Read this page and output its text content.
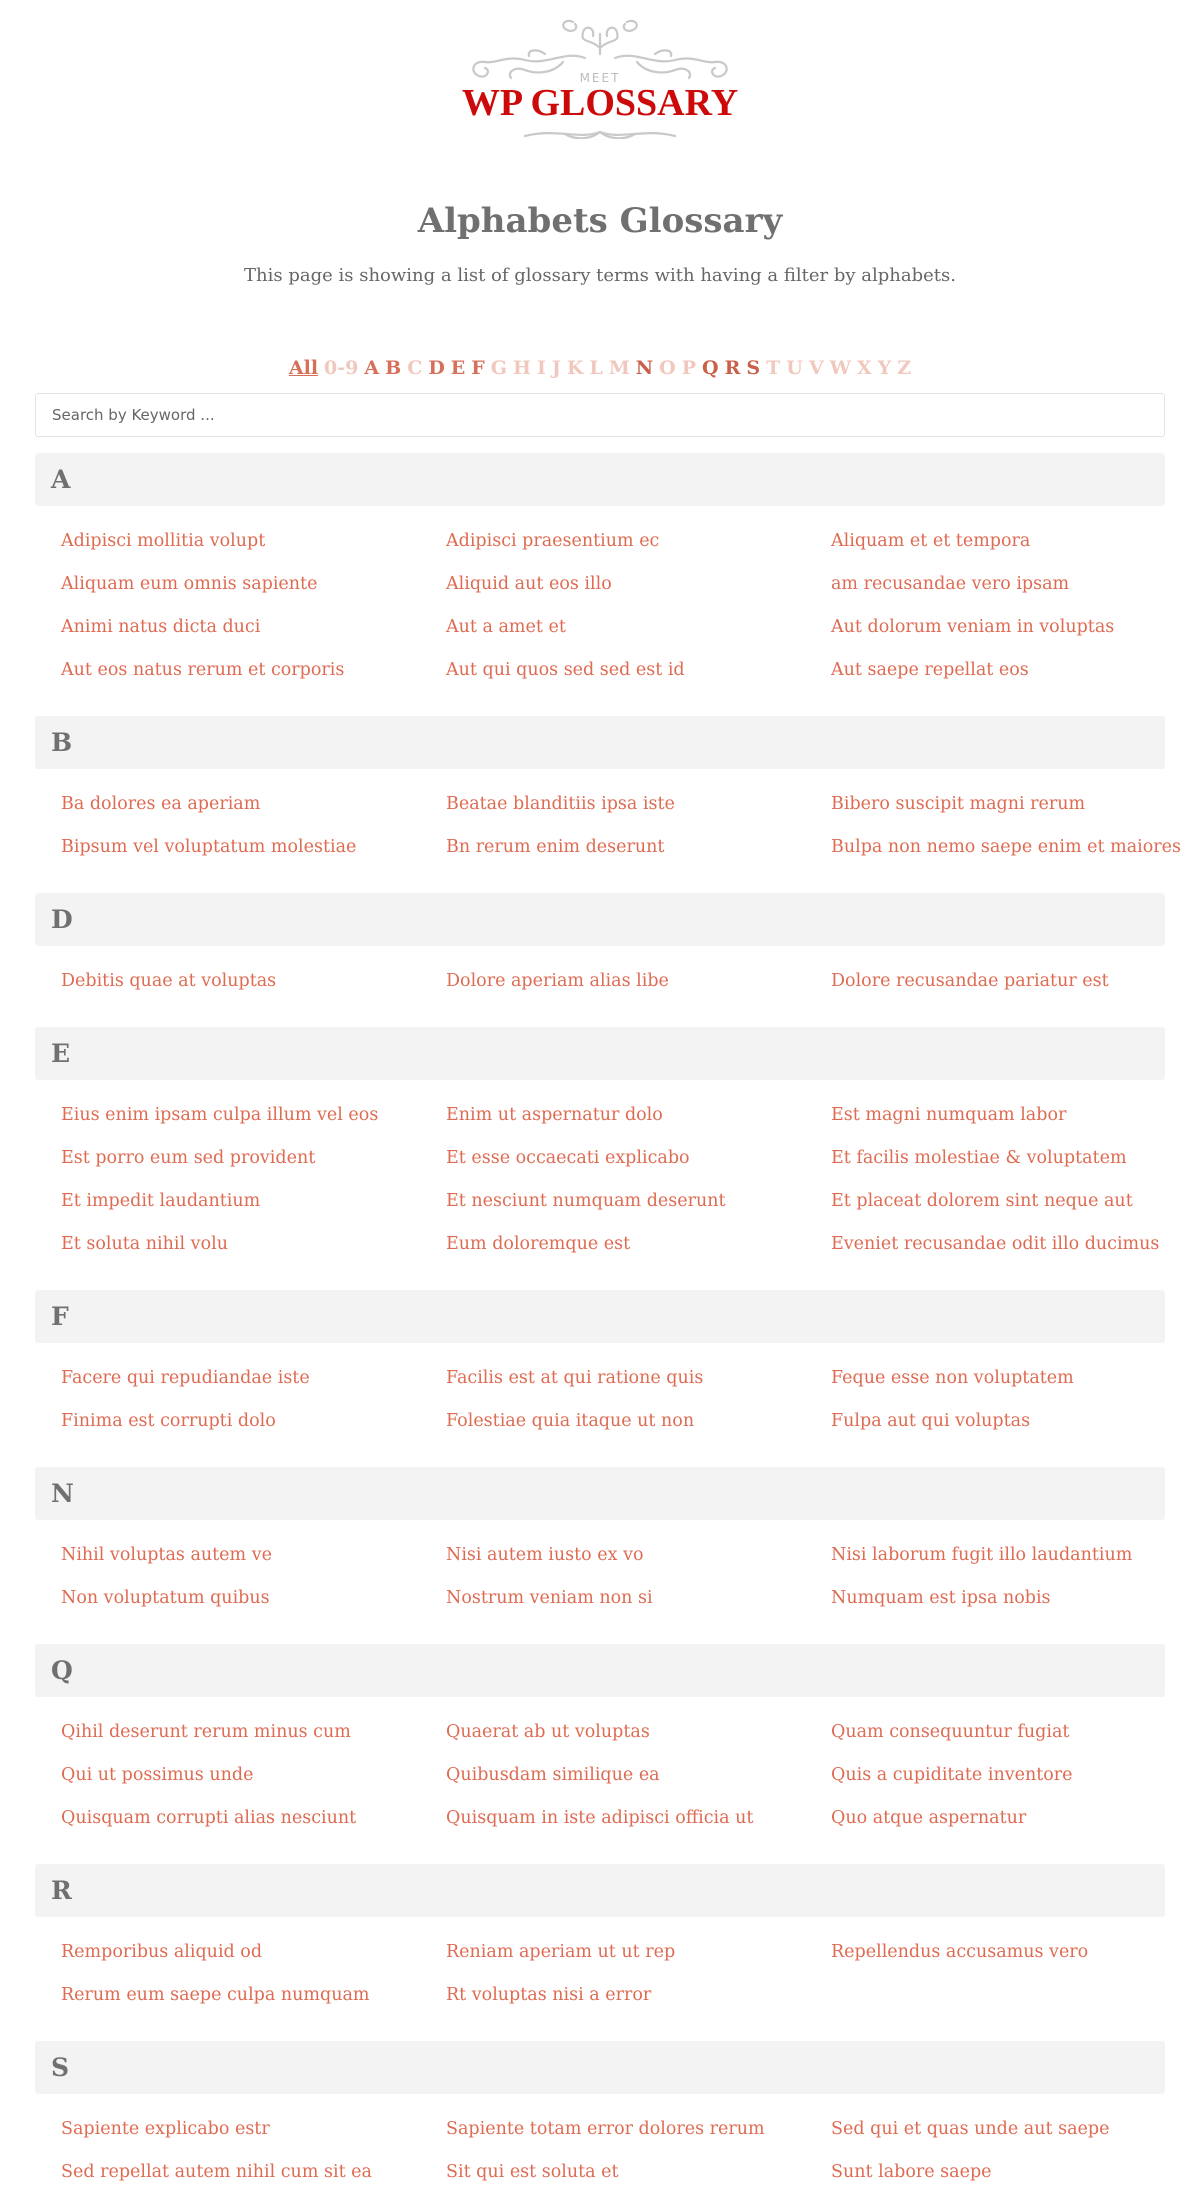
MEET
WP GLOSSARY
Alphabets Glossary
This page is showing a list of glossary terms with having a filter by alphabets.
All 0-9 A B C D E F G H I J K L M N O P Q R S T U V W X Y Z
Search by Keyword ...
A
Adipisci mollitia volupt	Adipisci praesentium ec	Aliquam et et tempora
Aliquam eum omnis sapiente	Aliquid aut eos illo	am recusandae vero ipsam
Animi natus dicta duci	Aut a amet et	Aut dolorum veniam in voluptas
Aut eos natus rerum et corporis	Aut qui quos sed sed est id	Aut saepe repellat eos
B
Ba dolores ea aperiam	Beatae blanditiis ipsa iste	Bibero suscipit magni rerum
Bipsum vel voluptatum molestiae	Bn rerum enim deserunt	Bulpa non nemo saepe enim et maiores
D
Debitis quae at voluptas	Dolore aperiam alias libe	Dolore recusandae pariatur est
E
Eius enim ipsam culpa illum vel eos	Enim ut aspernatur dolo	Est magni numquam labor
Est porro eum sed provident	Et esse occaecati explicabo	Et facilis molestiae & voluptatem
Et impedit laudantium	Et nesciunt numquam deserunt	Et placeat dolorem sint neque aut
Et soluta nihil volu	Eum doloremque est	Eveniet recusandae odit illo ducimus
F
Facere qui repudiandae iste	Facilis est at qui ratione quis	Feque esse non voluptatem
Finima est corrupti dolo	Folestiae quia itaque ut non	Fulpa aut qui voluptas
N
Nihil voluptas autem ve	Nisi autem iusto ex vo	Nisi laborum fugit illo laudantium
Non voluptatum quibus	Nostrum veniam non si	Numquam est ipsa nobis
Q
Qihil deserunt rerum minus cum	Quaerat ab ut voluptas	Quam consequuntur fugiat
Qui ut possimus unde	Quibusdam similique ea	Quis a cupiditate inventore
Quisquam corrupti alias nesciunt	Quisquam in iste adipisci officia ut	Quo atque aspernatur
R
Remporibus aliquid od	Reniam aperiam ut ut rep	Repellendus accusamus vero
Rerum eum saepe culpa numquam	Rt voluptas nisi a error
S
Sapiente explicabo estr	Sapiente totam error dolores rerum	Sed qui et quas unde aut saepe
Sed repellat autem nihil cum sit ea	Sit qui est soluta et	Sunt labore saepe
